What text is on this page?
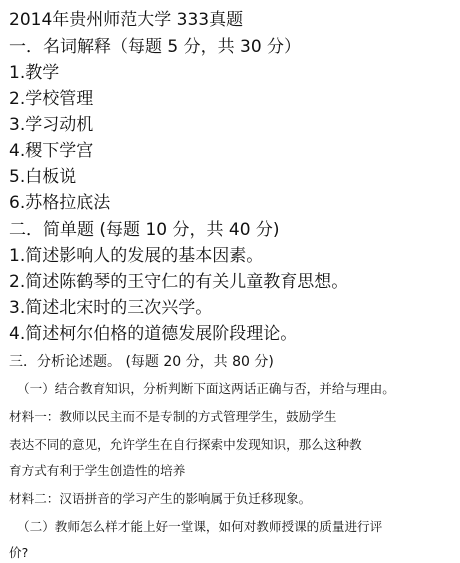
2014年贵州师范大学 333真题

一．名词解释（每题 5 分，共 30 分）

1.教学

2.学校管理

3.学习动机

4.稷下学宫

5.白板说

6.苏格拉底法

二．简单题 (每题 10 分，共 40 分)

1.简述影响人的发展的基本因素。

2.简述陈鹤琴的王守仁的有关儿童教育思想。

3.简述北宋时的三次兴学。

4.简述柯尔伯格的道德发展阶段理论。

三．分析论述题。 (每题 20 分，共 80 分)

（一）结合教育知识，分析判断下面这两话正确与否，并给与理由。

材料一：教师以民主而不是专制的方式管理学生，鼓励学生

表达不同的意见，允许学生在自行探索中发现知识，那么这种教

育方式有利于学生创造性的培养

材料二：汉语拼音的学习产生的影响属于负迁移现象。

（二）教师怎么样才能上好一堂课，如何对教师授课的质量进行评

价?
